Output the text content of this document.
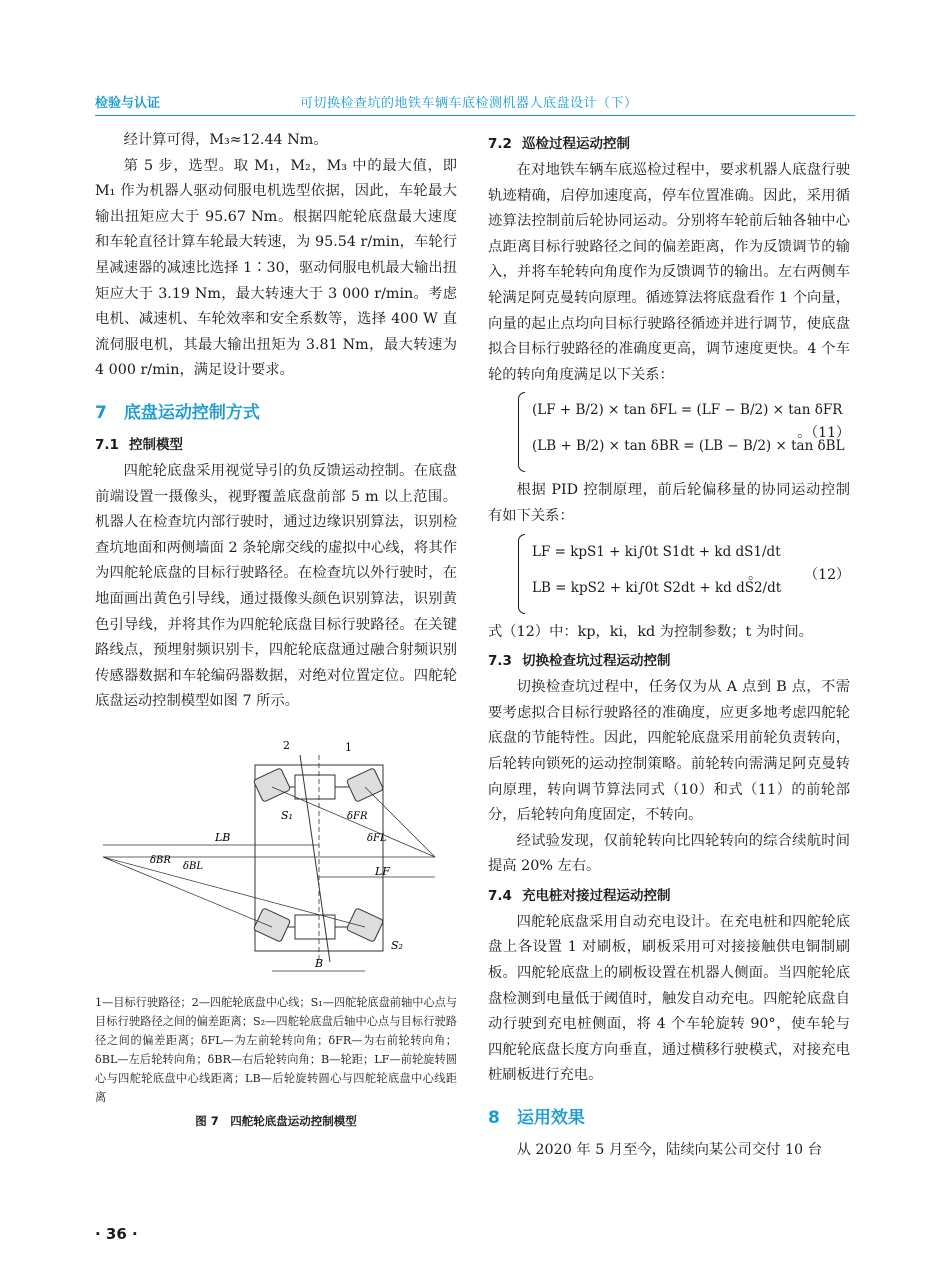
检验与认证	可切换检查坑的地铁车辆车底检测机器人底盘设计（下）

经计算可得，M₃≈12.44 Nm。

第 5 步，选型。取 M₁，M₂，M₃ 中的最大值，即 M₁ 作为机器人驱动伺服电机选型依据，因此，车轮最大输出扭矩应大于 95.67 Nm。根据四舵轮底盘最大速度和车轮直径计算车轮最大转速，为 95.54 r/min，车轮行星减速器的减速比选择 1∶30，驱动伺服电机最大输出扭矩应大于 3.19 Nm，最大转速大于 3 000 r/min。考虑电机、减速机、车轮效率和安全系数等，选择 400 W 直流伺服电机，其最大输出扭矩为 3.81 Nm，最大转速为 4 000 r/min，满足设计要求。

7　 底盘运动控制方式
7.1 控制模型

四舵轮底盘采用视觉导引的负反馈运动控制。在底盘前端设置一摄像头，视野覆盖底盘前部 5 m 以上范围。机器人在检查坑内部行驶时，通过边缘识别算法，识别检查坑地面和两侧墙面 2 条轮廓交线的虚拟中心线，将其作为四舵轮底盘的目标行驶路径。在检查坑以外行驶时，在地面画出黄色引导线，通过摄像头颜色识别算法，识别黄色引导线，并将其作为四舵轮底盘目标行驶路径。在关键路线点，预埋射频识别卡，四舵轮底盘通过融合射频识别传感器数据和车轮编码器数据，对绝对位置定位。四舵轮底盘运动控制模型如图 7 所示。

2	1
S₁	δFR
δFL
LB
LF
δBR
δBL
S₂
B

1—目标行驶路径；2—四舵轮底盘中心线；S₁—四舵轮底盘前轴中心点与目标行驶路径之间的偏差距离；S₂—四舵轮底盘后轴中心点与目标行驶路径之间的偏差距离；δFL—为左前轮转向角；δFR—为右前轮转向角；δBL—左后轮转向角；δBR—右后轮转向角；B—轮距；LF—前轮旋转圆心与四舵轮底盘中心线距离；LB—后轮旋转圆心与四舵轮底盘中心线距离

图 7　四舵轮底盘运动控制模型

7.2 巡检过程运动控制

在对地铁车辆车底巡检过程中，要求机器人底盘行驶轨迹精确，启停加速度高，停车位置准确。因此，采用循迹算法控制前后轮协同运动。分别将车轮前后轴各轴中心点距离目标行驶路径之间的偏差距离，作为反馈调节的输入，并将车轮转向角度作为反馈调节的输出。左右两侧车轮满足阿克曼转向原理。循迹算法将底盘看作 1 个向量，向量的起止点均向目标行驶路径循迹并进行调节，使底盘拟合目标行驶路径的准确度更高，调节速度更快。4 个车轮的转向角度满足以下关系：

(LF + B/2) × tan δFL = (LF − B/2) × tan δFR
(LB + B/2) × tan δBR = (LB − B/2) × tan δBL
。（11）

根据 PID 控制原理，前后轮偏移量的协同运动控制有如下关系：

LF = kpS1 + ki∫0t S1dt + kd dS1/dt
LB = kpS2 + ki∫0t S2dt + kd dS2/dt
。　　　　（12）

式（12）中：kp，ki，kd 为控制参数；t 为时间。

7.3 切换检查坑过程运动控制

切换检查坑过程中，任务仅为从 A 点到 B 点，不需要考虑拟合目标行驶路径的准确度，应更多地考虑四舵轮底盘的节能特性。因此，四舵轮底盘采用前轮负责转向，后轮转向锁死的运动控制策略。前轮转向需满足阿克曼转向原理，转向调节算法同式（10）和式（11）的前轮部分，后轮转向角度固定，不转向。

经试验发现，仅前轮转向比四轮转向的综合续航时间提高 20% 左右。

7.4 充电桩对接过程运动控制

四舵轮底盘采用自动充电设计。在充电桩和四舵轮底盘上各设置 1 对刷板，刷板采用可对接接触供电铜制刷板。四舵轮底盘上的刷板设置在机器人侧面。当四舵轮底盘检测到电量低于阈值时，触发自动充电。四舵轮底盘自动行驶到充电桩侧面，将 4 个车轮旋转 90°，使车轮与四舵轮底盘长度方向垂直，通过横移行驶模式，对接充电桩刷板进行充电。

8　 运用效果

从 2020 年 5 月至今，陆续向某公司交付 10 台

· 36 ·
